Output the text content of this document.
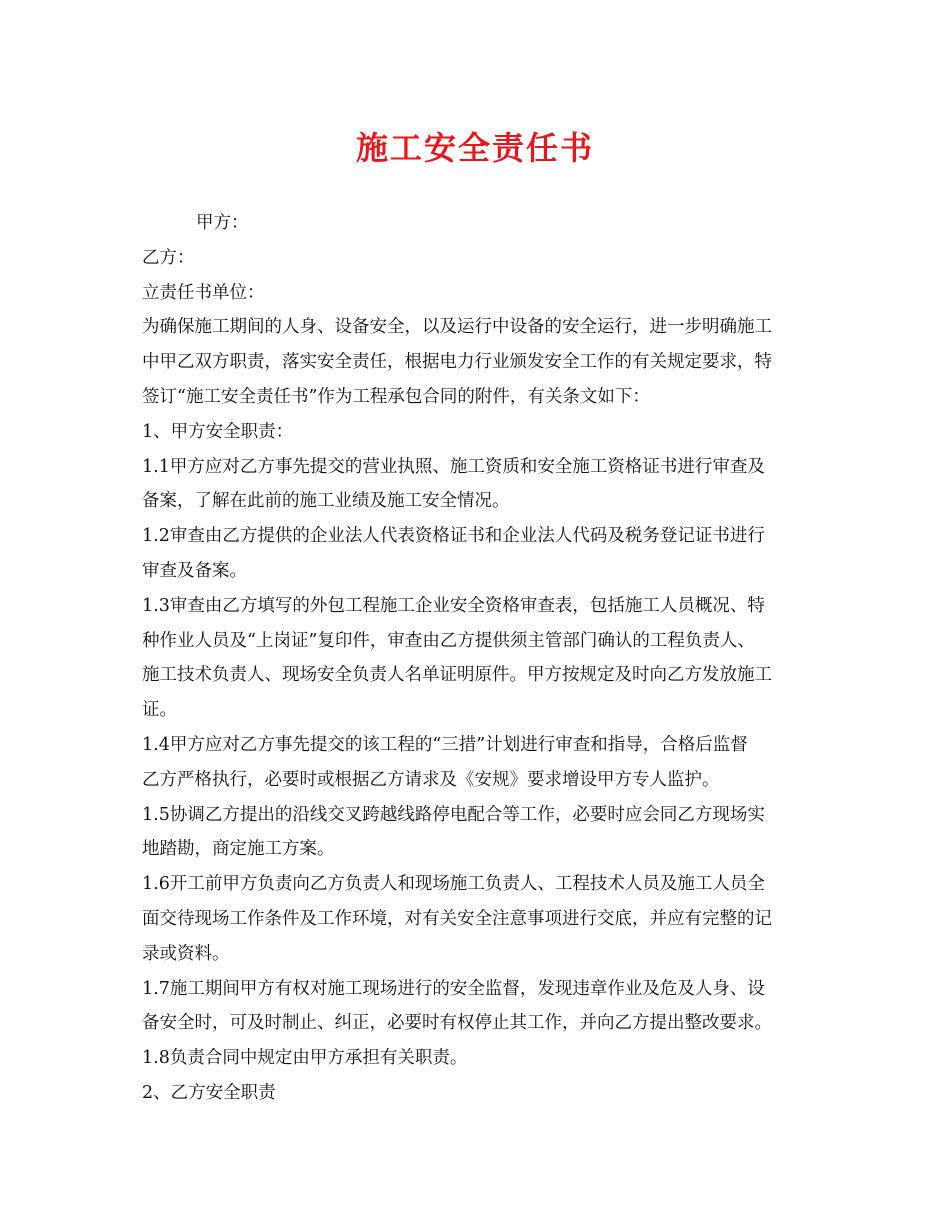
施工安全责任书
甲方：
乙方：
立责任书单位：
为确保施工期间的人身、设备安全，以及运行中设备的安全运行，进一步明确施工
中甲乙双方职责，落实安全责任，根据电力行业颁发安全工作的有关规定要求，特
签订“施工安全责任书”作为工程承包合同的附件，有关条文如下：
1、甲方安全职责：
1.1甲方应对乙方事先提交的营业执照、施工资质和安全施工资格证书进行审查及
备案，了解在此前的施工业绩及施工安全情况。
1.2审查由乙方提供的企业法人代表资格证书和企业法人代码及税务登记证书进行
审查及备案。
1.3审查由乙方填写的外包工程施工企业安全资格审查表，包括施工人员概况、特
种作业人员及“上岗证”复印件，审查由乙方提供须主管部门确认的工程负责人、
施工技术负责人、现场安全负责人名单证明原件。甲方按规定及时向乙方发放施工
证。
1.4甲方应对乙方事先提交的该工程的“三措”计划进行审查和指导，合格后监督
乙方严格执行，必要时或根据乙方请求及《安规》要求增设甲方专人监护。
1.5协调乙方提出的沿线交叉跨越线路停电配合等工作，必要时应会同乙方现场实
地踏勘，商定施工方案。
1.6开工前甲方负责向乙方负责人和现场施工负责人、工程技术人员及施工人员全
面交待现场工作条件及工作环境，对有关安全注意事项进行交底，并应有完整的记
录或资料。
1.7施工期间甲方有权对施工现场进行的安全监督，发现违章作业及危及人身、设
备安全时，可及时制止、纠正，必要时有权停止其工作，并向乙方提出整改要求。
1.8负责合同中规定由甲方承担有关职责。
2、乙方安全职责
